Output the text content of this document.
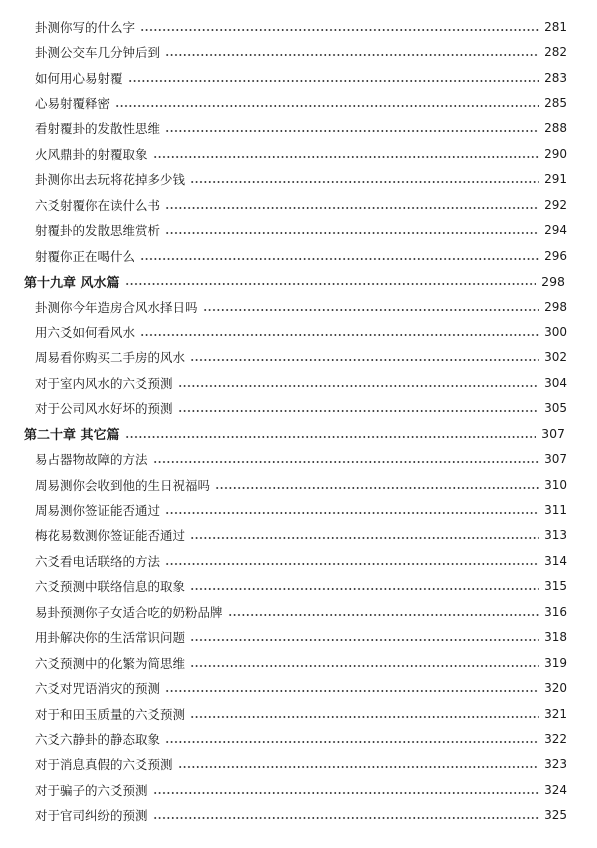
卦测你写的什么字	281
卦测公交车几分钟后到	282
如何用心易射覆	283
心易射覆释密	285
看射覆卦的发散性思维	288
火风鼎卦的射覆取象	290
卦测你出去玩将花掉多少钱	291
六爻射覆你在读什么书	292
射覆卦的发散思维赏析	294
射覆你正在喝什么	296
第十九章 风水篇	298
卦测你今年造房合风水择日吗	298
用六爻如何看风水	300
周易看你购买二手房的风水	302
对于室内风水的六爻预测	304
对于公司风水好坏的预测	305
第二十章 其它篇	307
易占器物故障的方法	307
周易测你会收到他的生日祝福吗	310
周易测你签证能否通过	311
梅花易数测你签证能否通过	313
六爻看电话联络的方法	314
六爻预测中联络信息的取象	315
易卦预测你子女适合吃的奶粉品牌	316
用卦解决你的生活常识问题	318
六爻预测中的化繁为简思维	319
六爻对咒语消灾的预测	320
对于和田玉质量的六爻预测	321
六爻六静卦的静态取象	322
对于消息真假的六爻预测	323
对于骗子的六爻预测	324
对于官司纠纷的预测	325
